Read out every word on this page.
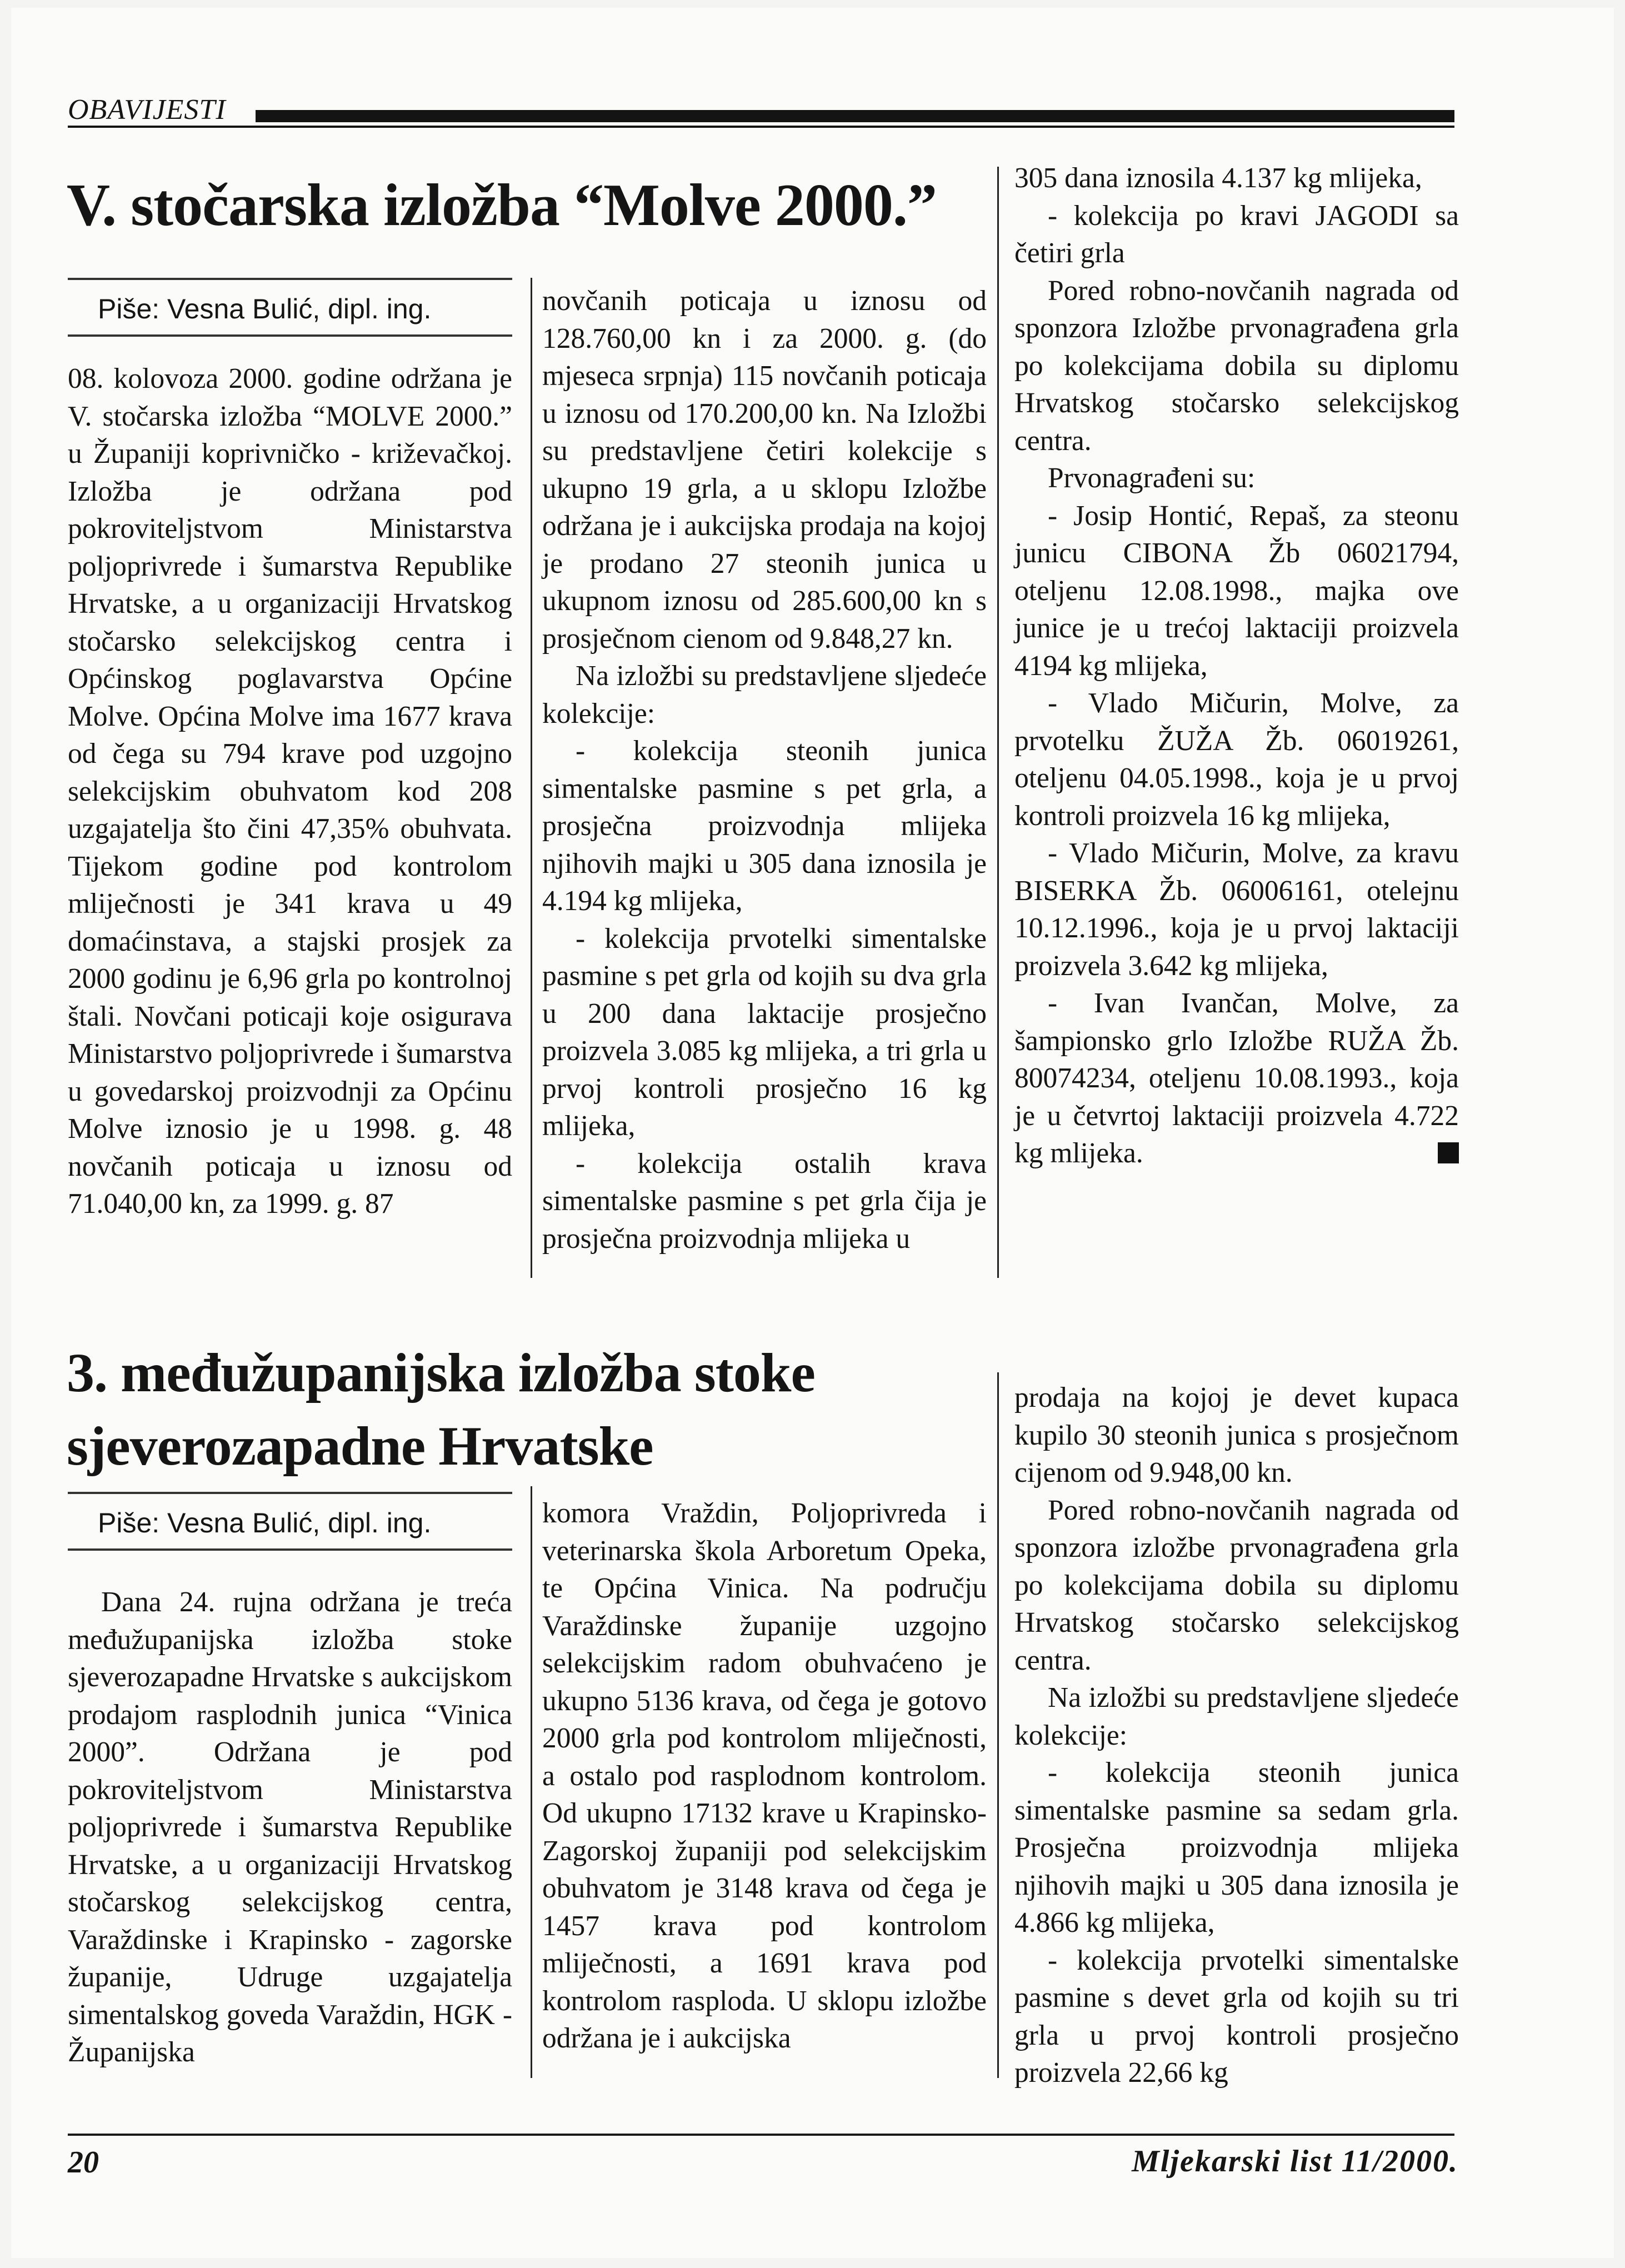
OBAVIJESTI
V. stočarska izložba “Molve 2000.”
Piše: Vesna Bulić, dipl. ing.

08. kolovoza 2000. godine održana je V. stočarska izložba “MOLVE 2000.” u Županiji koprivničko - križevačkoj. Izložba je održana pod pokroviteljstvom Ministarstva poljoprivrede i šumarstva Republike Hrvatske, a u organizaciji Hrvatskog stočarsko selekcijskog centra i Općinskog poglavarstva Općine Molve. Općina Molve ima 1677 krava od čega su 794 krave pod uzgojno selekcijskim obuhvatom kod 208 uzgajatelja što čini 47,35% obuhvata. Tijekom godine pod kontrolom mliječnosti je 341 krava u 49 domaćinstava, a stajski prosjek za 2000 godinu je 6,96 grla po kontrolnoj štali. Novčani poticaji koje osigurava Ministarstvo poljoprivrede i šumarstva u govedarskoj proizvodnji za Općinu Molve iznosio je u 1998. g. 48 novčanih poticaja u iznosu od 71.040,00 kn, za 1999. g. 87

novčanih poticaja u iznosu od 128.760,00 kn i za 2000. g. (do mjeseca srpnja) 115 novčanih poticaja u iznosu od 170.200,00 kn. Na Izložbi su predstavljene četiri kolekcije s ukupno 19 grla, a u sklopu Izložbe održana je i aukcijska prodaja na kojoj je prodano 27 steonih junica u ukupnom iznosu od 285.600,00 kn s prosječnom cienom od 9.848,27 kn.

Na izložbi su predstavljene sljedeće kolekcije:

- kolekcija steonih junica simentalske pasmine s pet grla, a prosječna proizvodnja mlijeka njihovih majki u 305 dana iznosila je 4.194 kg mlijeka,

- kolekcija prvotelki simentalske pasmine s pet grla od kojih su dva grla u 200 dana laktacije prosječno proizvela 3.085 kg mlijeka, a tri grla u prvoj kontroli prosječno 16 kg mlijeka,

- kolekcija ostalih krava simentalske pasmine s pet grla čija je prosječna proizvodnja mlijeka u

305 dana iznosila 4.137 kg mlijeka,

- kolekcija po kravi JAGODI sa četiri grla

Pored robno-novčanih nagrada od sponzora Izložbe prvonagrađena grla po kolekcijama dobila su diplomu Hrvatskog stočarsko selekcijskog centra.

Prvonagrađeni su:

- Josip Hontić, Repaš, za steonu junicu CIBONA Žb 06021794, oteljenu 12.08.1998., majka ove junice je u trećoj laktaciji proizvela 4194 kg mlijeka,

- Vlado Mičurin, Molve, za prvotelku ŽUŽA Žb. 06019261, oteljenu 04.05.1998., koja je u prvoj kontroli proizvela 16 kg mlijeka,

- Vlado Mičurin, Molve, za kravu BISERKA Žb. 06006161, otelejnu 10.12.1996., koja je u prvoj laktaciji proizvela 3.642 kg mlijeka,

- Ivan Ivančan, Molve, za šampionsko grlo Izložbe RUŽA Žb. 80074234, oteljenu 10.08.1993., koja je u četvrtoj laktaciji proizvela 4.722 kg mlijeka.

3. međužupanijska izložba stoke sjeverozapadne Hrvatske
Piše: Vesna Bulić, dipl. ing.

Dana 24. rujna održana je treća međužupanijska izložba stoke sjeverozapadne Hrvatske s aukcijskom prodajom rasplodnih junica “Vinica 2000”. Održana je pod pokroviteljstvom Ministarstva poljoprivrede i šumarstva Republike Hrvatske, a u organizaciji Hrvatskog stočarskog selekcijskog centra, Varaždinske i Krapinsko - zagorske županije, Udruge uzgajatelja simentalskog goveda Varaždin, HGK - Županijska

komora Vraždin, Poljoprivreda i veterinarska škola Arboretum Opeka, te Općina Vinica. Na području Varaždinske županije uzgojno selekcijskim radom obuhvaćeno je ukupno 5136 krava, od čega je gotovo 2000 grla pod kontrolom mliječnosti, a ostalo pod rasplodnom kontrolom. Od ukupno 17132 krave u Krapinsko-Zagorskoj županiji pod selekcijskim obuhvatom je 3148 krava od čega je 1457 krava pod kontrolom mliječnosti, a 1691 krava pod kontrolom rasploda. U sklopu izložbe održana je i aukcijska

prodaja na kojoj je devet kupaca kupilo 30 steonih junica s prosječnom cijenom od 9.948,00 kn.

Pored robno-novčanih nagrada od sponzora izložbe prvonagrađena grla po kolekcijama dobila su diplomu Hrvatskog stočarsko selekcijskog centra.

Na izložbi su predstavljene sljedeće kolekcije:

- kolekcija steonih junica simentalske pasmine sa sedam grla. Prosječna proizvodnja mlijeka njihovih majki u 305 dana iznosila je 4.866 kg mlijeka,

- kolekcija prvotelki simentalske pasmine s devet grla od kojih su tri grla u prvoj kontroli prosječno proizvela 22,66 kg

20	Mljekarski list 11/2000.
